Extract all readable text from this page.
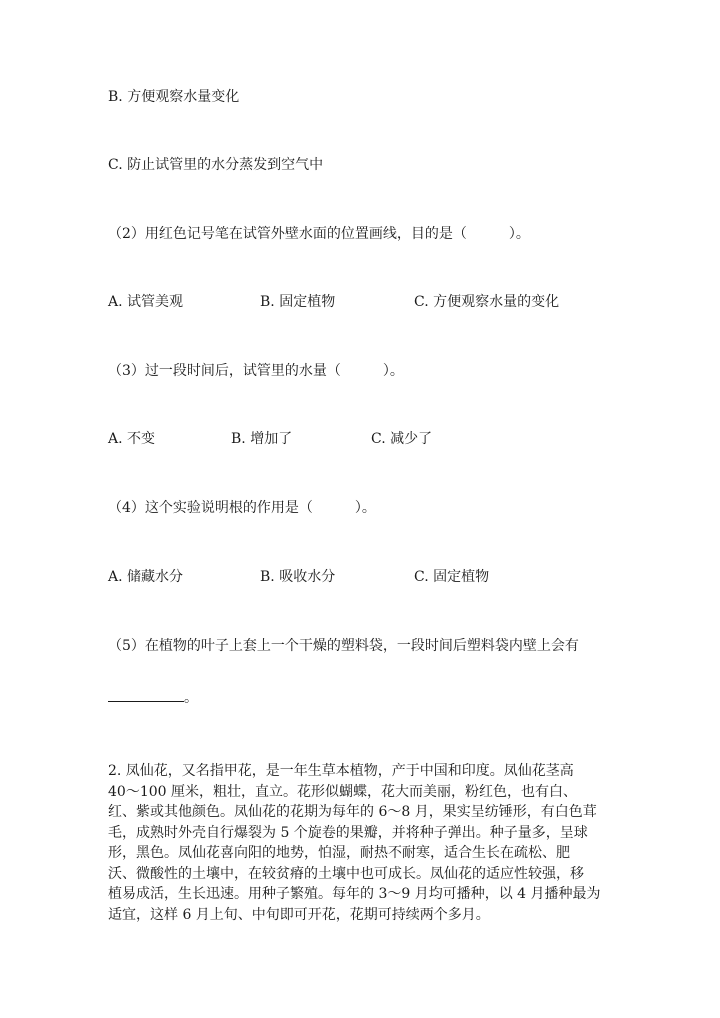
B. 方便观察水量变化
C. 防止试管里的水分蒸发到空气中
（2）用红色记号笔在试管外壁水面的位置画线，目的是（　　　）。
A. 试管美观	B. 固定植物	C. 方便观察水量的变化
（3）过一段时间后，试管里的水量（　　　）。
A. 不变	B. 增加了	C. 减少了
（4）这个实验说明根的作用是（　　　）。
A. 储藏水分	B. 吸收水分	C. 固定植物
（5）在植物的叶子上套上一个干燥的塑料袋，一段时间后塑料袋内壁上会有
。

2. 凤仙花，又名指甲花，是一年生草本植物，产于中国和印度。凤仙花茎高

40～100 厘米，粗壮，直立。花形似蝴蝶，花大而美丽，粉红色，也有白、

红、紫或其他颜色。凤仙花的花期为每年的 6～8 月，果实呈纺锤形，有白色茸

毛，成熟时外壳自行爆裂为 5 个旋卷的果瓣，并将种子弹出。种子量多，呈球

形，黑色。凤仙花喜向阳的地势，怕湿，耐热不耐寒，适合生长在疏松、肥

沃、微酸性的土壤中，在较贫瘠的土壤中也可成长。凤仙花的适应性较强，移

植易成活，生长迅速。用种子繁殖。每年的 3～9 月均可播种，以 4 月播种最为

适宜，这样 6 月上旬、中旬即可开花，花期可持续两个多月。
